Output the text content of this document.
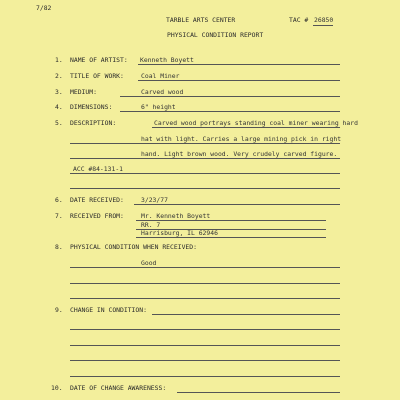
7/82
TARBLE ARTS CENTER	TAC # 26850
PHYSICAL CONDITION REPORT
1. NAME OF ARTIST: Kenneth Boyett
2. TITLE OF WORK:	Coal Miner
3. MEDIUM:	Carved wood
4. DIMENSIONS:	6" height
5. DESCRIPTION:	Carved wood portrays standing coal miner wearing hard
hat with light. Carries a large mining pick in right
hand. Light brown wood. Very crudely carved figure.
ACC #84-131-1
6. DATE RECEIVED:	3/23/77
7. RECEIVED FROM:	Mr. Kenneth Boyett
RR. 7
Harrisburg, IL 62946
8. PHYSICAL CONDITION WHEN RECEIVED:
Good
9. CHANGE IN CONDITION:
10. DATE OF CHANGE AWARENESS:
